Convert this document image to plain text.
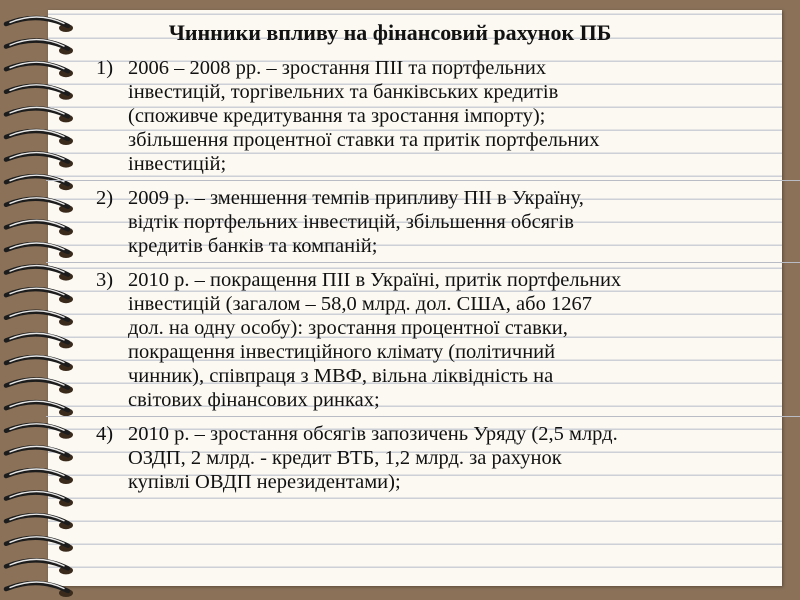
Чинники впливу на фінансовий рахунок ПБ
1) 2006 – 2008 рр. – зростання ПІІ та портфельних
інвестицій, торгівельних та банківських кредитів
(споживче кредитування та зростання імпорту);
збільшення процентної ставки та притік портфельних
інвестицій;
2) 2009 р. – зменшення темпів припливу ПІІ в Україну,
відтік портфельних інвестицій, збільшення обсягів
кредитів банків та компаній;
3) 2010 р. – покращення ПІІ в Україні, притік портфельних
інвестицій (загалом – 58,0 млрд. дол. США, або 1267
дол. на одну особу): зростання процентної ставки,
покращення інвестиційного клімату (політичний
чинник), співпраця з МВФ, вільна ліквідність на
світових фінансових ринках;
4) 2010 р. – зростання обсягів запозичень Уряду (2,5 млрд.
ОЗДП, 2 млрд. - кредит ВТБ, 1,2 млрд. за рахунок
купівлі ОВДП нерезидентами);
